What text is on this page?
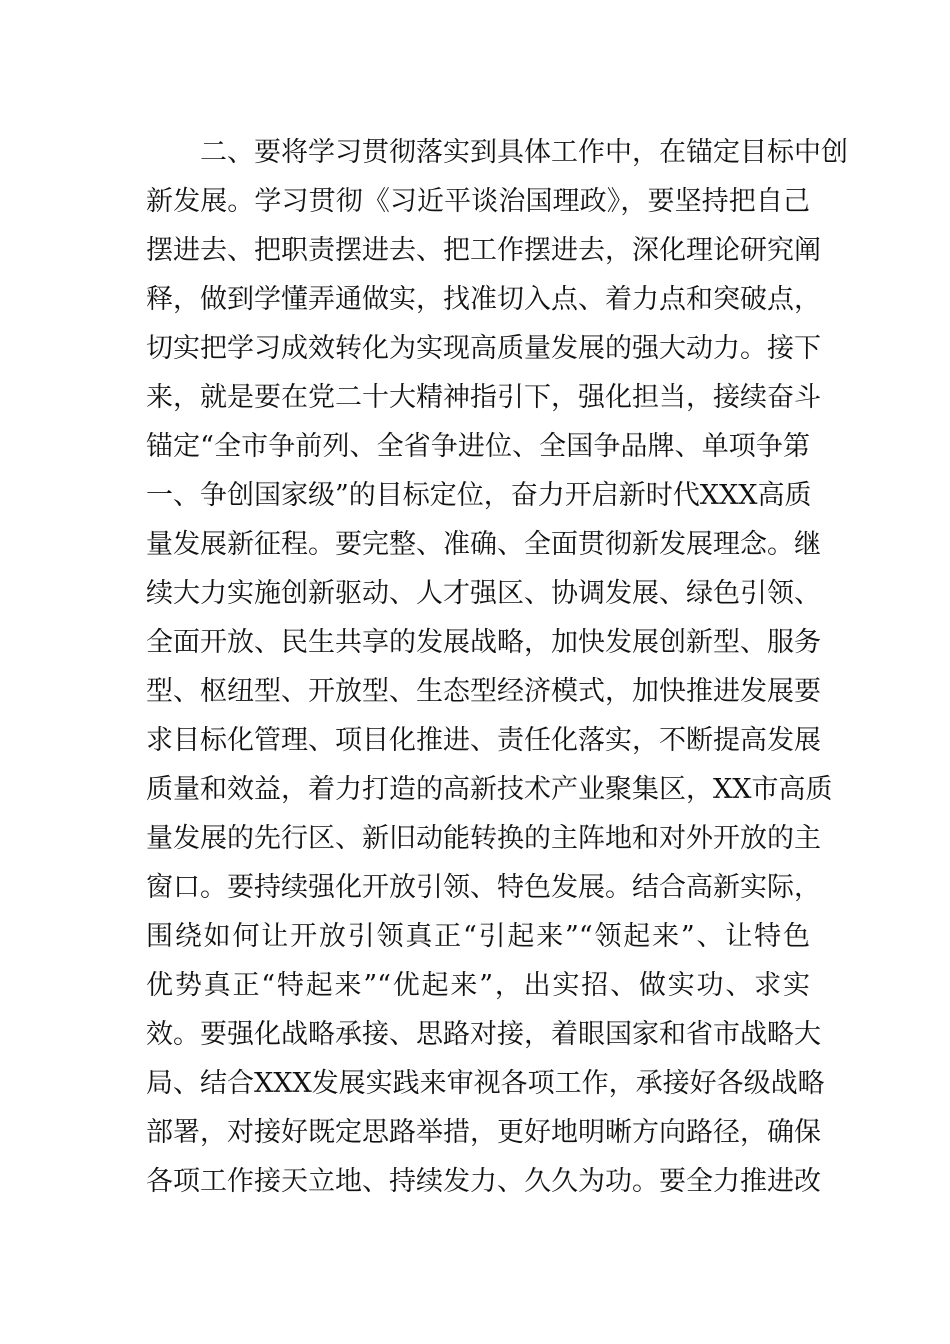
　　二、要将学习贯彻落实到具体工作中，在锚定目标中创
新发展。学习贯彻《习近平谈治国理政》，要坚持把自己
摆进去、把职责摆进去、把工作摆进去，深化理论研究阐
释，做到学懂弄通做实，找准切入点、着力点和突破点，
切实把学习成效转化为实现高质量发展的强大动力。接下
来，就是要在党二十大精神指引下，强化担当，接续奋斗
锚定“全市争前列、全省争进位、全国争品牌、单项争第
一、争创国家级”的目标定位，奋力开启新时代XXX高质
量发展新征程。要完整、准确、全面贯彻新发展理念。继
续大力实施创新驱动、人才强区、协调发展、绿色引领、
全面开放、民生共享的发展战略，加快发展创新型、服务
型、枢纽型、开放型、生态型经济模式，加快推进发展要
求目标化管理、项目化推进、责任化落实，不断提高发展
质量和效益，着力打造的高新技术产业聚集区，XX市高质
量发展的先行区、新旧动能转换的主阵地和对外开放的主
窗口。要持续强化开放引领、特色发展。结合高新实际，
围绕如何让开放引领真正“引起来”“领起来”、让特色
优势真正“特起来”“优起来”，出实招、做实功、求实
效。要强化战略承接、思路对接，着眼国家和省市战略大
局、结合XXX发展实践来审视各项工作，承接好各级战略
部署，对接好既定思路举措，更好地明晰方向路径，确保
各项工作接天立地、持续发力、久久为功。要全力推进改
